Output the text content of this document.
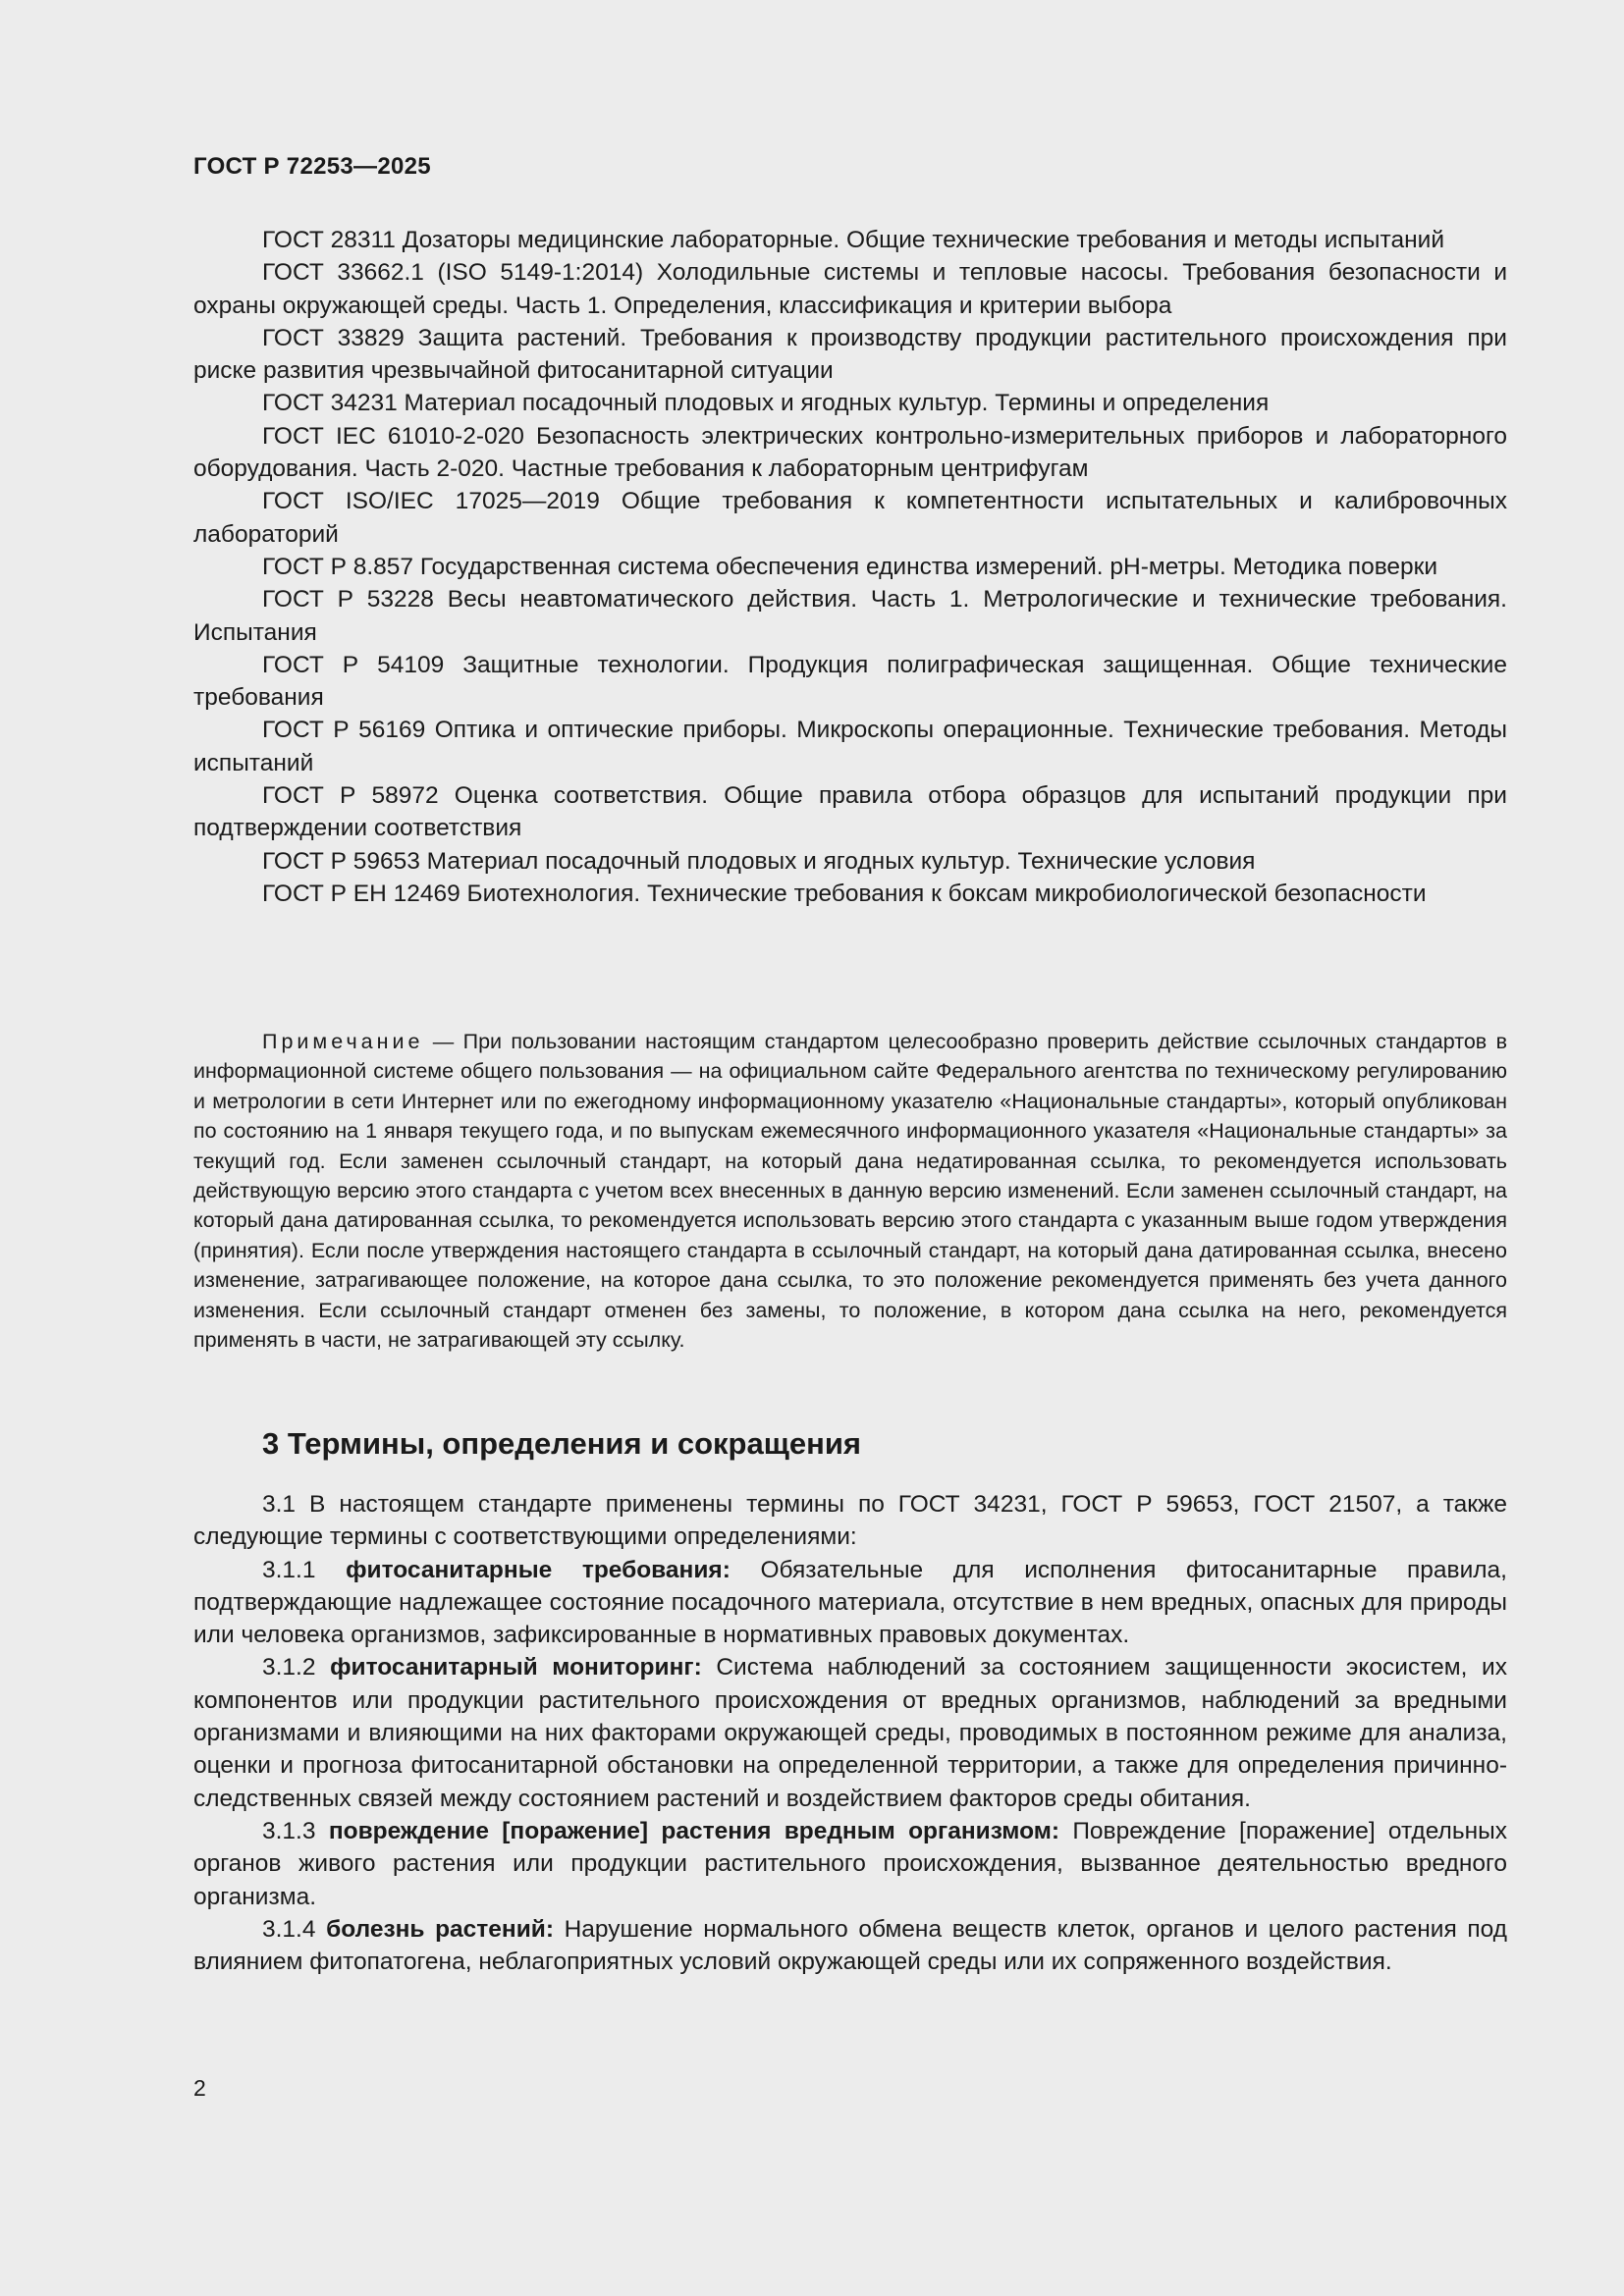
ГОСТ Р 72253—2025

ГОСТ 28311 Дозаторы медицинские лабораторные. Общие технические требования и методы испытаний

ГОСТ 33662.1 (ISO 5149-1:2014) Холодильные системы и тепловые насосы. Требования безопасности и охраны окружающей среды. Часть 1. Определения, классификация и критерии выбора

ГОСТ 33829 Защита растений. Требования к производству продукции растительного происхождения при риске развития чрезвычайной фитосанитарной ситуации

ГОСТ 34231 Материал посадочный плодовых и ягодных культур. Термины и определения

ГОСТ IEC 61010-2-020 Безопасность электрических контрольно-измерительных приборов и лабораторного оборудования. Часть 2-020. Частные требования к лабораторным центрифугам

ГОСТ ISO/IEC 17025—2019 Общие требования к компетентности испытательных и калибровочных лабораторий

ГОСТ Р 8.857 Государственная система обеспечения единства измерений. pH-метры. Методика поверки

ГОСТ Р 53228 Весы неавтоматического действия. Часть 1. Метрологические и технические требования. Испытания

ГОСТ Р 54109 Защитные технологии. Продукция полиграфическая защищенная. Общие технические требования

ГОСТ Р 56169 Оптика и оптические приборы. Микроскопы операционные. Технические требования. Методы испытаний

ГОСТ Р 58972 Оценка соответствия. Общие правила отбора образцов для испытаний продукции при подтверждении соответствия

ГОСТ Р 59653 Материал посадочный плодовых и ягодных культур. Технические условия

ГОСТ Р ЕН 12469 Биотехнология. Технические требования к боксам микробиологической безопасности

Примечание — При пользовании настоящим стандартом целесообразно проверить действие ссылочных стандартов в информационной системе общего пользования — на официальном сайте Федерального агентства по техническому регулированию и метрологии в сети Интернет или по ежегодному информационному указателю «Национальные стандарты», который опубликован по состоянию на 1 января текущего года, и по выпускам ежемесячного информационного указателя «Национальные стандарты» за текущий год. Если заменен ссылочный стандарт, на который дана недатированная ссылка, то рекомендуется использовать действующую версию этого стандарта с учетом всех внесенных в данную версию изменений. Если заменен ссылочный стандарт, на который дана датированная ссылка, то рекомендуется использовать версию этого стандарта с указанным выше годом утверждения (принятия). Если после утверждения настоящего стандарта в ссылочный стандарт, на который дана датированная ссылка, внесено изменение, затрагивающее положение, на которое дана ссылка, то это положение рекомендуется применять без учета данного изменения. Если ссылочный стандарт отменен без замены, то положение, в котором дана ссылка на него, рекомендуется применять в части, не затрагивающей эту ссылку.

3 Термины, определения и сокращения

3.1 В настоящем стандарте применены термины по ГОСТ 34231, ГОСТ Р 59653, ГОСТ 21507, а также следующие термины с соответствующими определениями:

3.1.1 фитосанитарные требования: Обязательные для исполнения фитосанитарные правила, подтверждающие надлежащее состояние посадочного материала, отсутствие в нем вредных, опасных для природы или человека организмов, зафиксированные в нормативных правовых документах.

3.1.2 фитосанитарный мониторинг: Система наблюдений за состоянием защищенности экосистем, их компонентов или продукции растительного происхождения от вредных организмов, наблюдений за вредными организмами и влияющими на них факторами окружающей среды, проводимых в постоянном режиме для анализа, оценки и прогноза фитосанитарной обстановки на определенной территории, а также для определения причинно-следственных связей между состоянием растений и воздействием факторов среды обитания.

3.1.3 повреждение [поражение] растения вредным организмом: Повреждение [поражение] отдельных органов живого растения или продукции растительного происхождения, вызванное деятельностью вредного организма.

3.1.4 болезнь растений: Нарушение нормального обмена веществ клеток, органов и целого растения под влиянием фитопатогена, неблагоприятных условий окружающей среды или их сопряженного воздействия.

2
